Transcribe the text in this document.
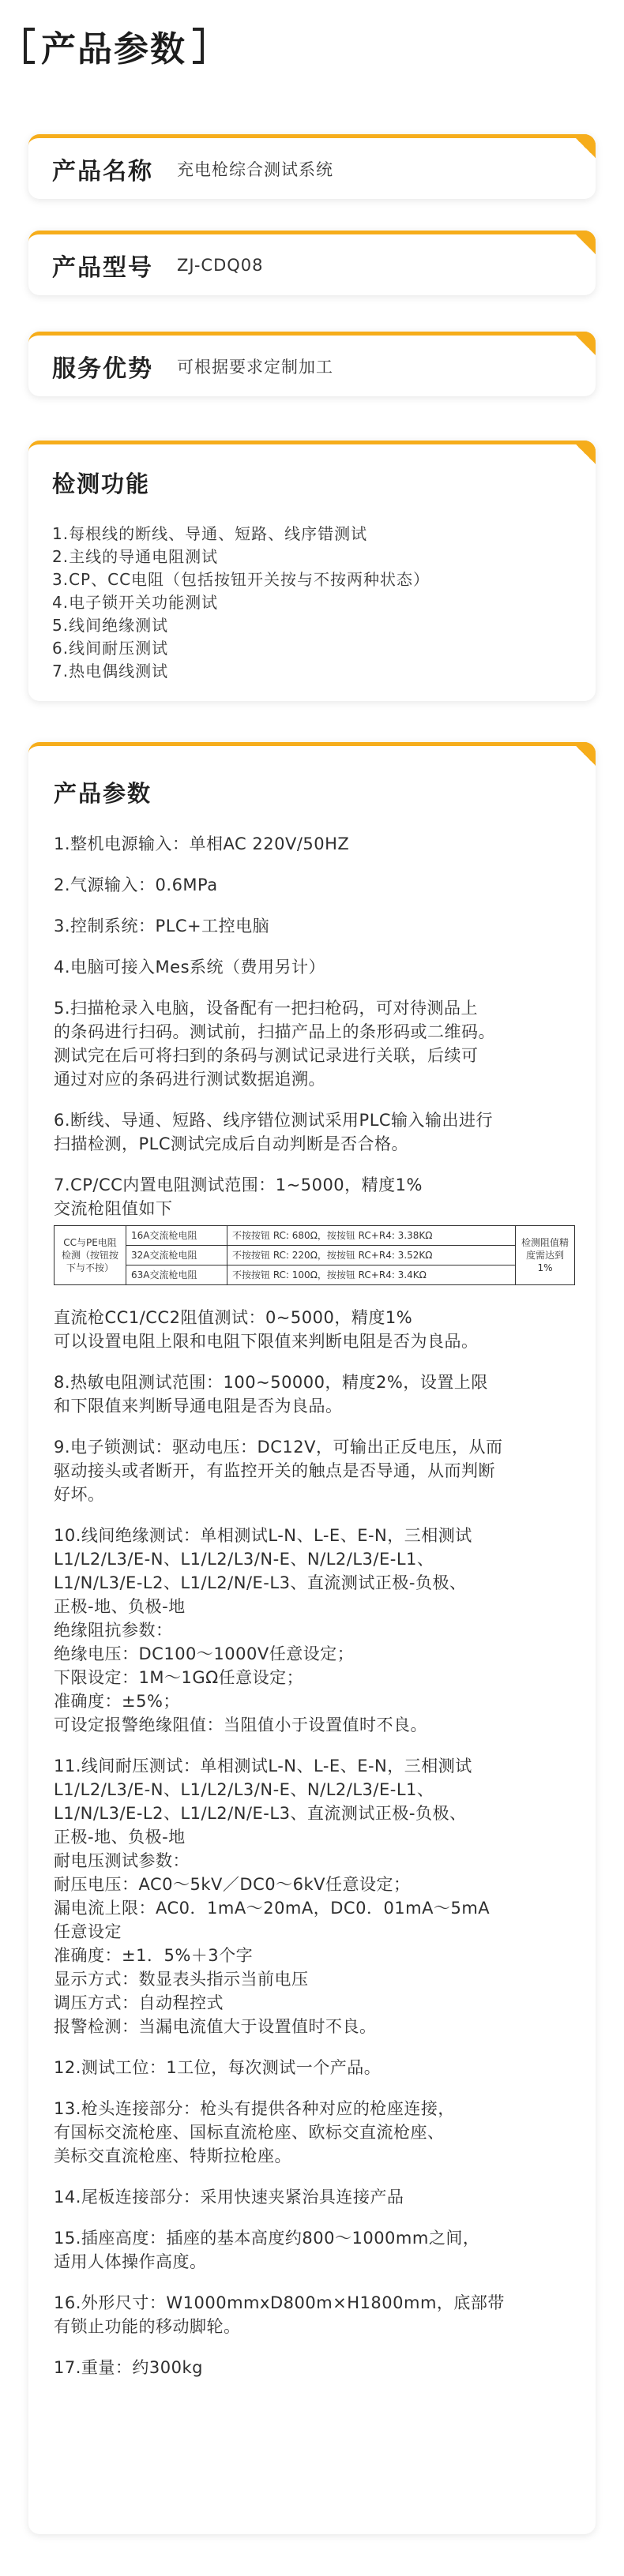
产品参数
产品名称 充电枪综合测试系统
产品型号 ZJ-CDQ08
服务优势 可根据要求定制加工
检测功能
1.每根线的断线、导通、短路、线序错测试
2.主线的导通电阻测试
3.CP、CC电阻（包括按钮开关按与不按两种状态）
4.电子锁开关功能测试
5.线间绝缘测试
6.线间耐压测试
7.热电偶线测试
产品参数
1.整机电源输入：单相AC 220V/50HZ
2.气源输入：0.6MPa
3.控制系统：PLC+工控电脑
4.电脑可接入Mes系统（费用另计）
5.扫描枪录入电脑，设备配有一把扫枪码，可对待测品上
的条码进行扫码。测试前，扫描产品上的条形码或二维码。
测试完在后可将扫到的条码与测试记录进行关联，后续可
通过对应的条码进行测试数据追溯。
6.断线、导通、短路、线序错位测试采用PLC输入输出进行
扫描检测，PLC测试完成后自动判断是否合格。
7.CP/CC内置电阻测试范围：1~5000，精度1%
交流枪阻值如下
CC与PE电阻检测（按钮按下与不按）	16A交流枪电阻	不按按钮 RC: 680Ω，按按钮 RC+R4: 3.38KΩ	检测阻值精度需达到1%
	32A交流枪电阻	不按按钮 RC: 220Ω，按按钮 RC+R4: 3.52KΩ	
	63A交流枪电阻	不按按钮 RC: 100Ω，按按钮 RC+R4: 3.4KΩ	
直流枪CC1/CC2阻值测试：0~5000，精度1%
可以设置电阻上限和电阻下限值来判断电阻是否为良品。
8.热敏电阻测试范围：100~50000，精度2%，设置上限
和下限值来判断导通电阻是否为良品。
9.电子锁测试：驱动电压：DC12V，可输出正反电压，从而
驱动接头或者断开，有监控开关的触点是否导通，从而判断
好坏。
10.线间绝缘测试：单相测试L-N、L-E、E-N，三相测试
L1/L2/L3/E-N、L1/L2/L3/N-E、N/L2/L3/E-L1、
L1/N/L3/E-L2、L1/L2/N/E-L3、直流测试正极-负极、
正极-地、负极-地
绝缘阻抗参数：
绝缘电压：DC100～1000V任意设定；
下限设定：1M～1GΩ任意设定；
准确度：±5%；
可设定报警绝缘阻值：当阻值小于设置值时不良。
11.线间耐压测试：单相测试L-N、L-E、E-N，三相测试
L1/L2/L3/E-N、L1/L2/L3/N-E、N/L2/L3/E-L1、
L1/N/L3/E-L2、L1/L2/N/E-L3、直流测试正极-负极、
正极-地、负极-地
耐电压测试参数：
耐压电压：AC0～5kV／DC0～6kV任意设定；
漏电流上限：AC0．1mA～20mA，DC0．01mA～5mA
任意设定
准确度：±1．5%＋3个字
显示方式：数显表头指示当前电压
调压方式：自动程控式
报警检测：当漏电流值大于设置值时不良。
12.测试工位：1工位，每次测试一个产品。
13.枪头连接部分：枪头有提供各种对应的枪座连接，
有国标交流枪座、国标直流枪座、欧标交直流枪座、
美标交直流枪座、特斯拉枪座。
14.尾板连接部分：采用快速夹紧治具连接产品
15.插座高度：插座的基本高度约800～1000mm之间，
适用人体操作高度。
16.外形尺寸：W1000mmxD800m×H1800mm，底部带
有锁止功能的移动脚轮。
17.重量：约300kg
